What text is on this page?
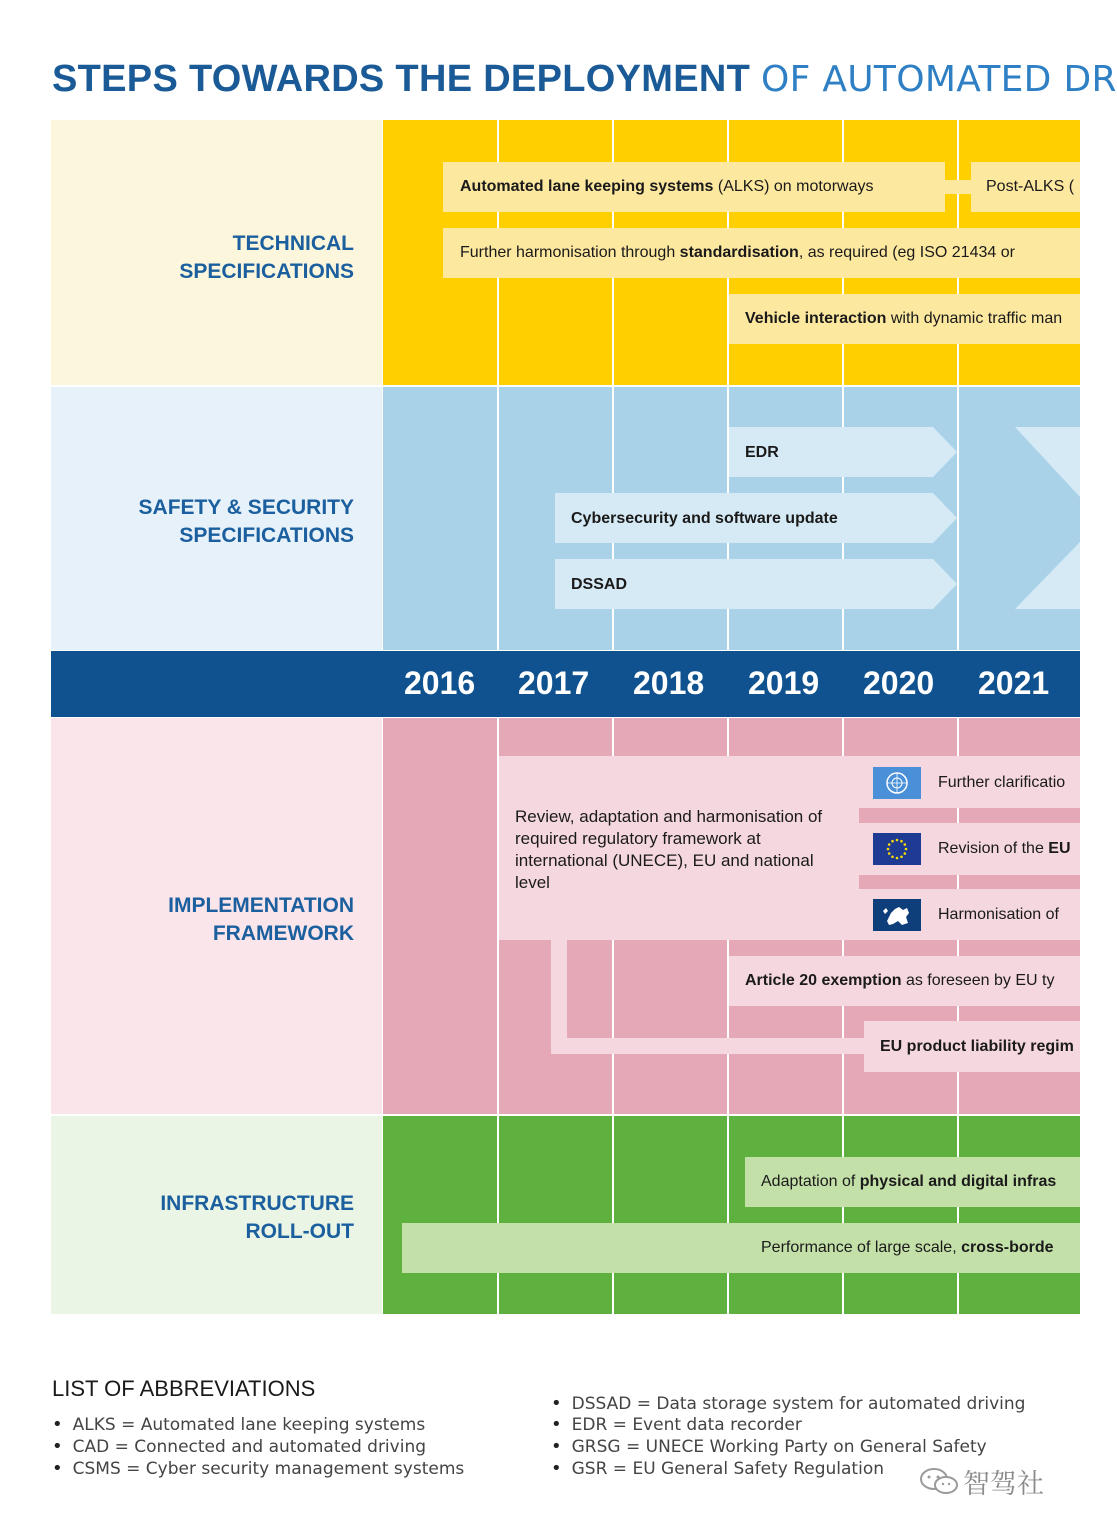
STEPS TOWARDS THE DEPLOYMENT OF AUTOMATED DR
TECHNICAL
SPECIFICATIONS
SAFETY & SECURITY
SPECIFICATIONS
IMPLEMENTATION
FRAMEWORK
INFRASTRUCTURE
ROLL-OUT
2016 2017 2018 2019 2020 2021
Automated lane keeping systems (ALKS) on motorways	Post-ALKS (
Further harmonisation through standardisation , as required (eg ISO 21434 or
Vehicle interaction with dynamic traffic man
EDR
Cybersecurity and software update
DSSAD
Review, adaptation and harmonisation of required regulatory framework at international (UNECE), EU and national level
Further clarificatio
Revision of the EU
Harmonisation of
Article 20 exemption as foreseen by EU ty
EU product liability regim
Adaptation of physical and digital infras
Performance of large scale, cross-borde
LIST OF ABBREVIATIONS
• ALKS = Automated lane keeping systems
• CAD = Connected and automated driving
• CSMS = Cyber security management systems
• DSSAD = Data storage system for automated driving
• EDR = Event data recorder
• GRSG = UNECE Working Party on General Safety
• GSR = EU General Safety Regulation	智驾社
